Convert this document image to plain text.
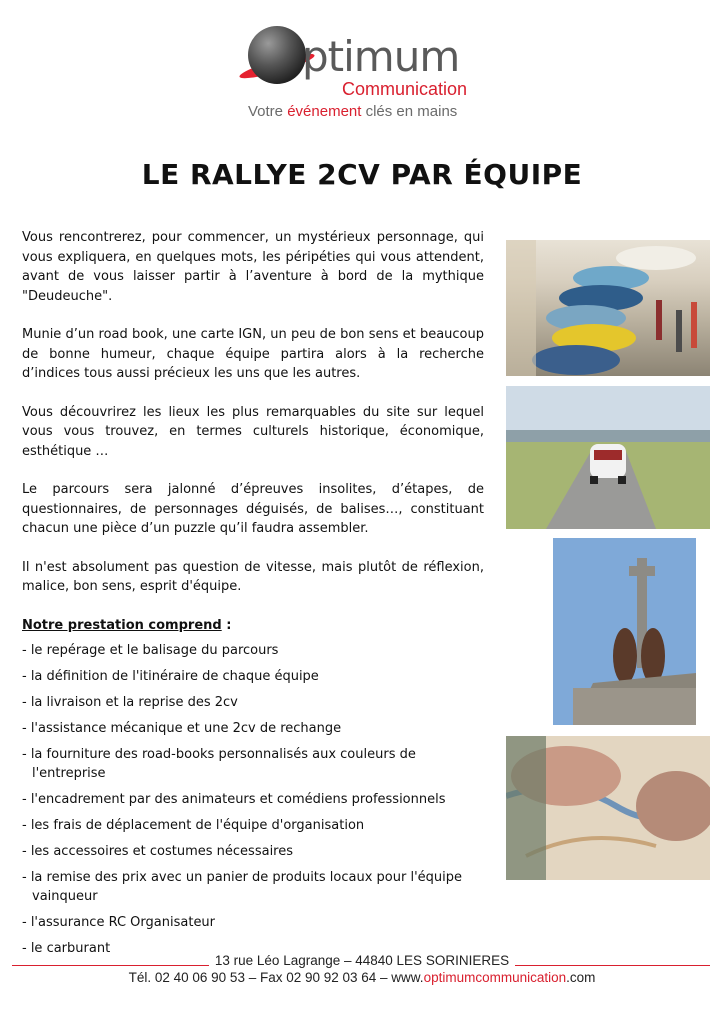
ptimum
Communication
Votre événement clés en mains
LE RALLYE 2CV PAR ÉQUIPE

Vous rencontrerez, pour commencer, un mystérieux personnage, qui vous expliquera, en quelques mots, les péripéties qui vous attendent, avant de vous laisser partir à l’aventure à bord de la mythique "Deudeuche".

Munie d’un road book, une carte IGN, un peu de bon sens et beaucoup de bonne humeur, chaque équipe partira alors à la recherche d’indices tous aussi précieux les uns que les autres.

Vous découvrirez les lieux les plus remarquables du site sur lequel vous vous trouvez, en termes culturels historique, économique, esthétique …

Le parcours sera jalonné d’épreuves insolites, d’étapes, de questionnaires, de personnages déguisés, de balises…, constituant chacun une pièce d’un puzzle qu’il faudra assembler.

Il n'est absolument pas question de vitesse, mais plutôt de réflexion, malice, bon sens, esprit d'équipe.

Notre prestation comprend :
- le repérage et le balisage du parcours
- la définition de l'itinéraire de chaque équipe
- la livraison et la reprise des 2cv
- l'assistance mécanique et une 2cv de rechange
- la fourniture des road-books personnalisés aux couleurs de l'entreprise
- l'encadrement par des animateurs et comédiens professionnels
- les frais de déplacement de l'équipe d'organisation
- les accessoires et costumes nécessaires
- la remise des prix avec un panier de produits locaux pour l'équipe vainqueur
- l'assurance RC Organisateur
- le carburant
13 rue Léo Lagrange – 44840 LES SORINIERES
Tél. 02 40 06 90 53 – Fax 02 90 92 03 64 – www.optimumcommunication.com
